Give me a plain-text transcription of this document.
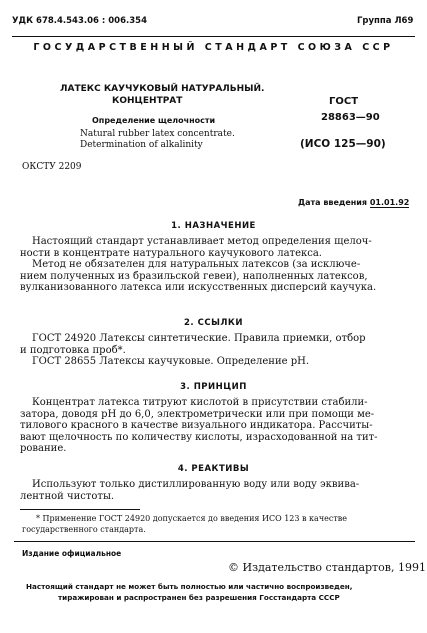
УДК 678.4.543.06 : 006.354	Группа Л69
ГОСУДАРСТВЕННЫЙ СТАНДАРТ СОЮЗА ССР
ЛАТЕКС КАУЧУКОВЫЙ НАТУРАЛЬНЫЙ.
КОНЦЕНТРАТ
Определение щелочности
Natural rubber latex concentrate.
Determination of alkalinity
ГОСТ
28863—90
(ИСО 125—90)
ОКСТУ 2209
Дата введения 01.01.92
1. НАЗНАЧЕНИЕ
Настоящий стандарт устанавливает метод определения щелоч-
ности в концентрате натурального каучукового латекса.
Метод не обязателен для натуральных латексов (за исключе-
нием полученных из бразильской гевеи), наполненных латексов,
вулканизованного латекса или искусственных дисперсий каучука.
2. ССЫЛКИ
ГОСТ 24920 Латексы синтетические. Правила приемки, отбор
и подготовка проб*.
ГОСТ 28655 Латексы каучуковые. Определение pH.
3. ПРИНЦИП
Концентрат латекса титруют кислотой в присутствии стабили-
затора, доводя pH до 6,0, электрометрически или при помощи ме-
тилового красного в качестве визуального индикатора. Рассчиты-
вают щелочность по количеству кислоты, израсходованной на тит-
рование.
4. РЕАКТИВЫ
Используют только дистиллированную воду или воду эквива-
лентной чистоты.
* Применение ГОСТ 24920 допускается до введения ИСО 123 в качестве
государственного стандарта.
Издание официальное
© Издательство стандартов, 1991
Настоящий стандарт не может быть полностью или частично воспроизведен,
тиражирован и распространен без разрешения Госстандарта СССР
